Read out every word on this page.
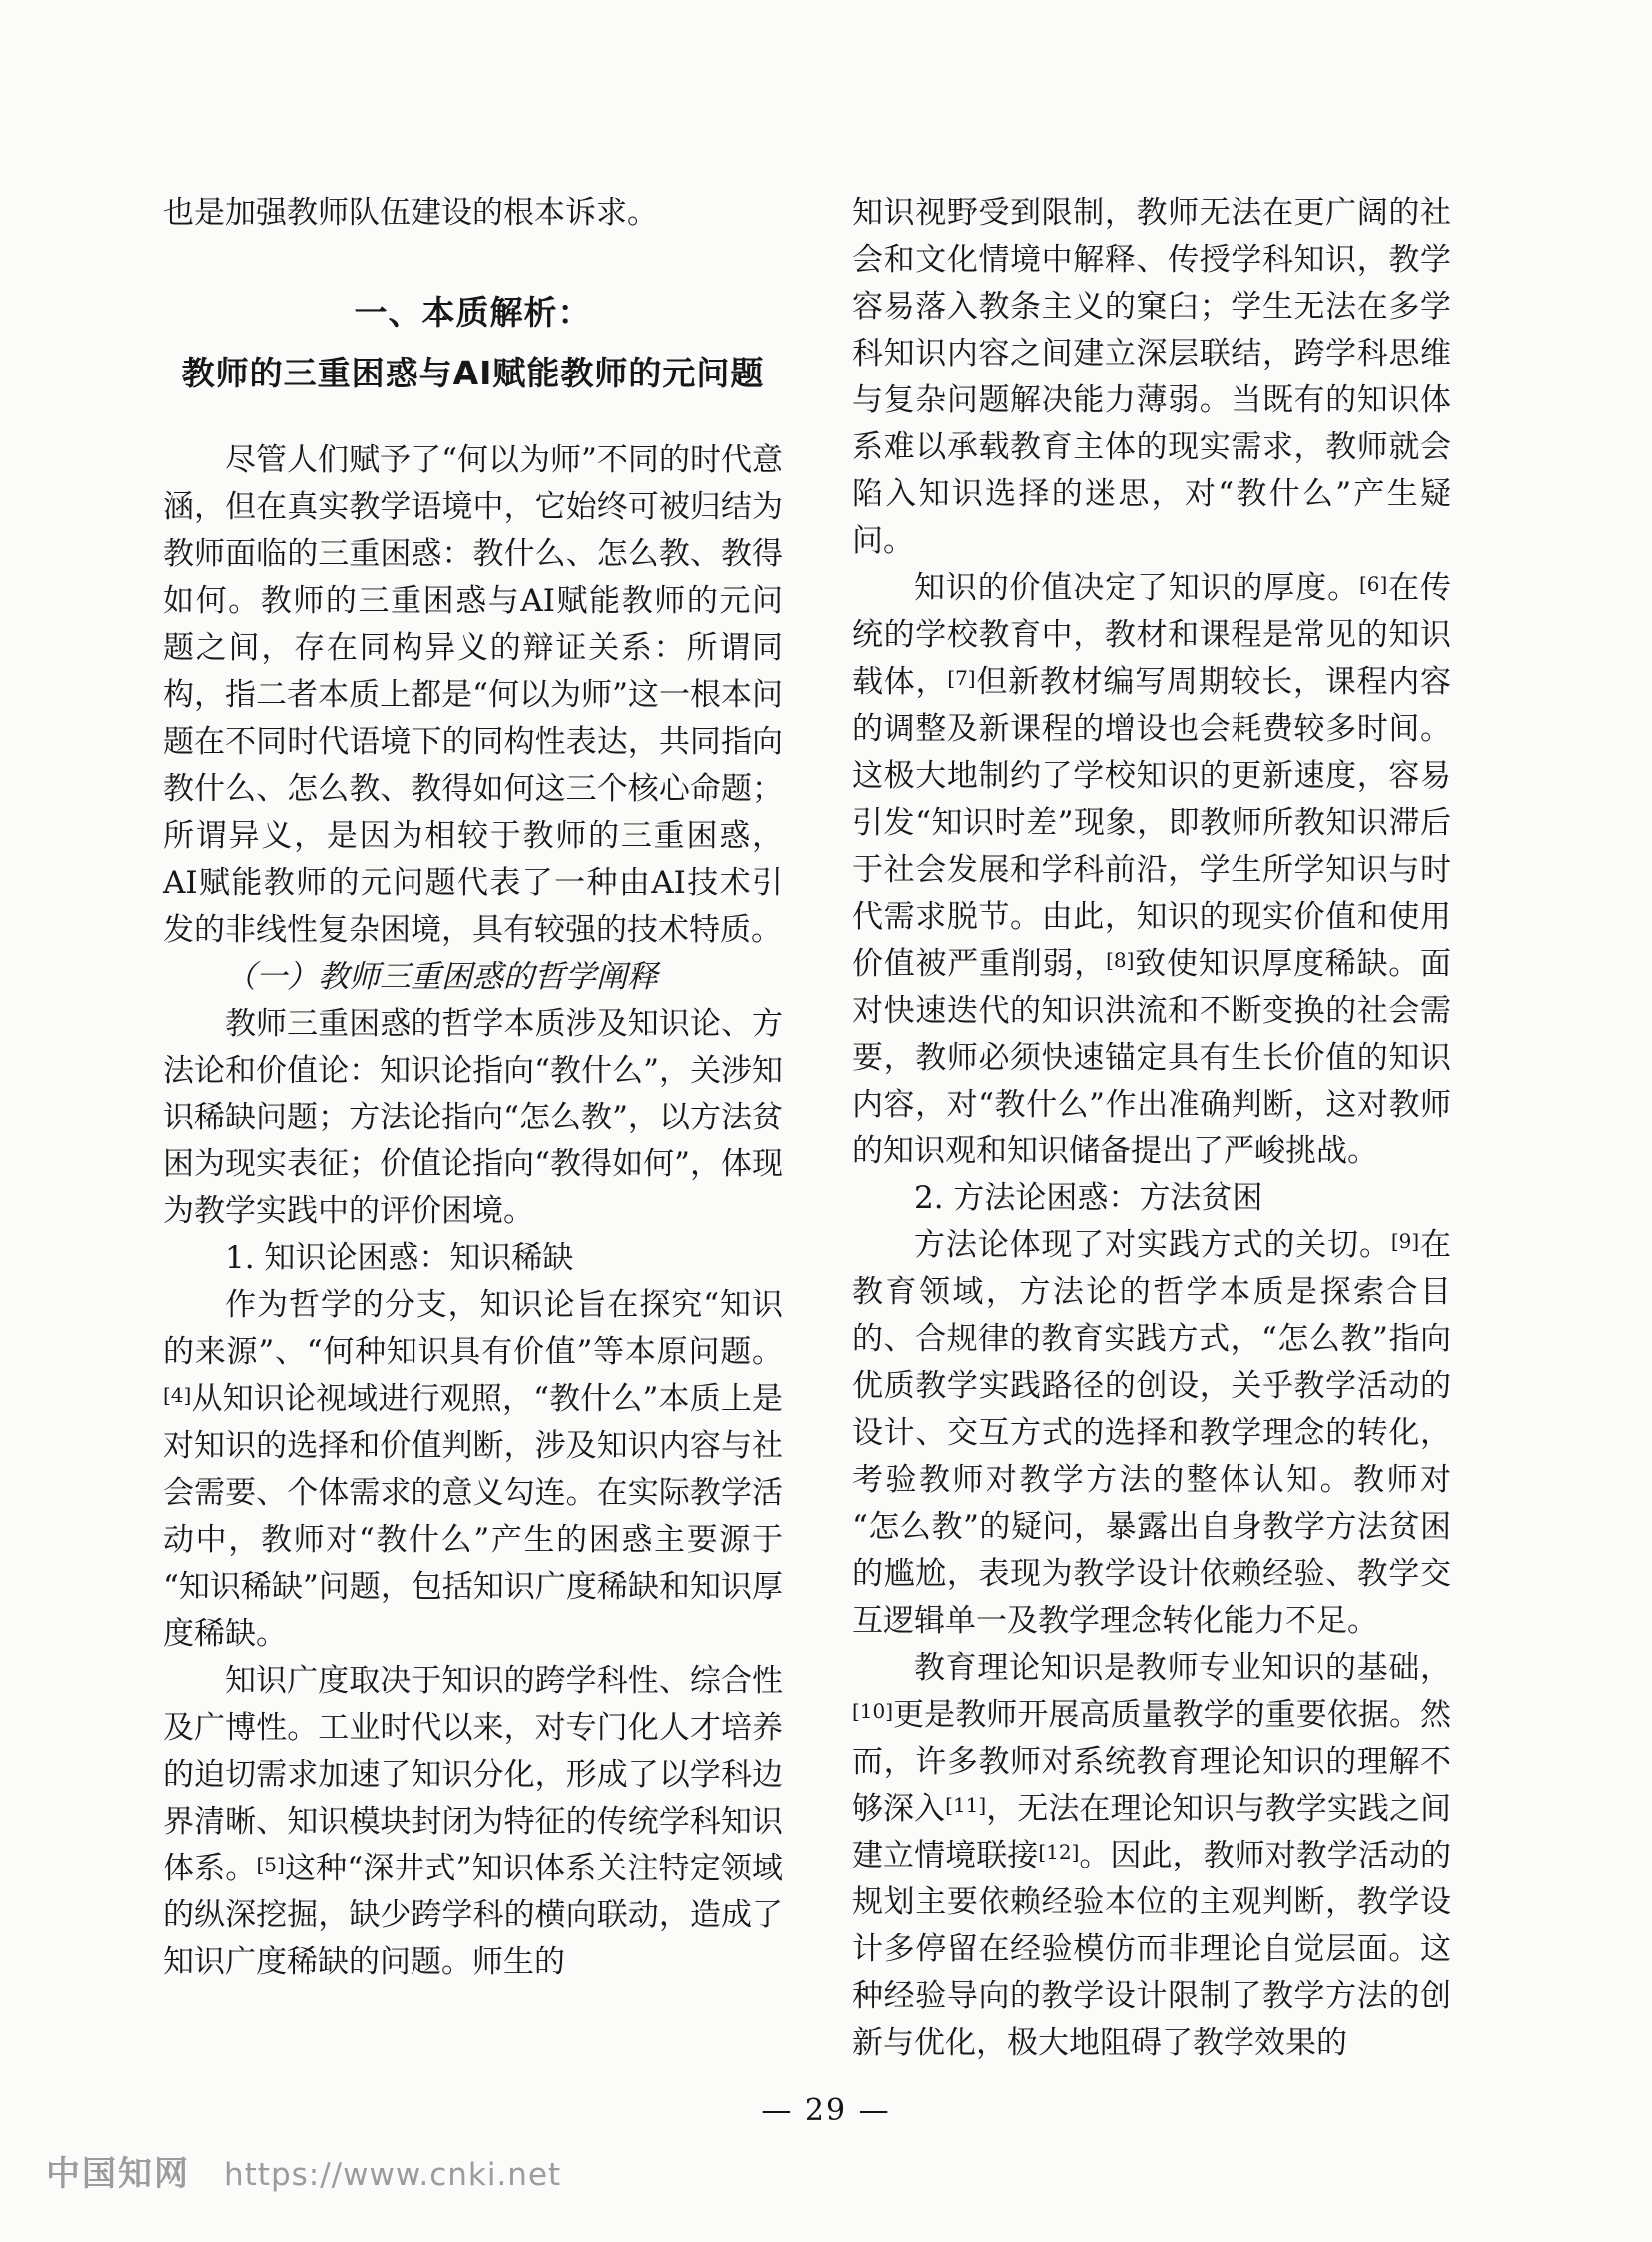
也是加强教师队伍建设的根本诉求。

一、本质解析：
教师的三重困惑与AI赋能教师的元问题

尽管人们赋予了“何以为师”不同的时代意涵，但在真实教学语境中，它始终可被归结为教师面临的三重困惑：教什么、怎么教、教得如何。教师的三重困惑与AI赋能教师的元问题之间，存在同构异义的辩证关系：所谓同构，指二者本质上都是“何以为师”这一根本问题在不同时代语境下的同构性表达，共同指向教什么、怎么教、教得如何这三个核心命题；所谓异义，是因为相较于教师的三重困惑，AI赋能教师的元问题代表了一种由AI技术引发的非线性复杂困境，具有较强的技术特质。

（一）教师三重困惑的哲学阐释

教师三重困惑的哲学本质涉及知识论、方法论和价值论：知识论指向“教什么”，关涉知识稀缺问题；方法论指向“怎么教”，以方法贫困为现实表征；价值论指向“教得如何”，体现为教学实践中的评价困境。

1. 知识论困惑：知识稀缺

作为哲学的分支，知识论旨在探究“知识的来源”、“何种知识具有价值”等本原问题。[4]从知识论视域进行观照，“教什么”本质上是对知识的选择和价值判断，涉及知识内容与社会需要、个体需求的意义勾连。在实际教学活动中，教师对“教什么”产生的困惑主要源于“知识稀缺”问题，包括知识广度稀缺和知识厚度稀缺。

知识广度取决于知识的跨学科性、综合性及广博性。工业时代以来，对专门化人才培养的迫切需求加速了知识分化，形成了以学科边界清晰、知识模块封闭为特征的传统学科知识体系。[5]这种“深井式”知识体系关注特定领域的纵深挖掘，缺少跨学科的横向联动，造成了知识广度稀缺的问题。师生的

知识视野受到限制，教师无法在更广阔的社会和文化情境中解释、传授学科知识，教学容易落入教条主义的窠臼；学生无法在多学科知识内容之间建立深层联结，跨学科思维与复杂问题解决能力薄弱。当既有的知识体系难以承载教育主体的现实需求，教师就会陷入知识选择的迷思，对“教什么”产生疑问。

知识的价值决定了知识的厚度。[6]在传统的学校教育中，教材和课程是常见的知识载体，[7]但新教材编写周期较长，课程内容的调整及新课程的增设也会耗费较多时间。这极大地制约了学校知识的更新速度，容易引发“知识时差”现象，即教师所教知识滞后于社会发展和学科前沿，学生所学知识与时代需求脱节。由此，知识的现实价值和使用价值被严重削弱，[8]致使知识厚度稀缺。面对快速迭代的知识洪流和不断变换的社会需要，教师必须快速锚定具有生长价值的知识内容，对“教什么”作出准确判断，这对教师的知识观和知识储备提出了严峻挑战。

2. 方法论困惑：方法贫困

方法论体现了对实践方式的关切。[9]在教育领域，方法论的哲学本质是探索合目的、合规律的教育实践方式，“怎么教”指向优质教学实践路径的创设，关乎教学活动的设计、交互方式的选择和教学理念的转化，考验教师对教学方法的整体认知。教师对“怎么教”的疑问，暴露出自身教学方法贫困的尴尬，表现为教学设计依赖经验、教学交互逻辑单一及教学理念转化能力不足。

教育理论知识是教师专业知识的基础，[10]更是教师开展高质量教学的重要依据。然而，许多教师对系统教育理论知识的理解不够深入[11]，无法在理论知识与教学实践之间建立情境联接[12]。因此，教师对教学活动的规划主要依赖经验本位的主观判断，教学设计多停留在经验模仿而非理论自觉层面。这种经验导向的教学设计限制了教学方法的创新与优化，极大地阻碍了教学效果的

— 29 —
中国知网 https://www.cnki.net
